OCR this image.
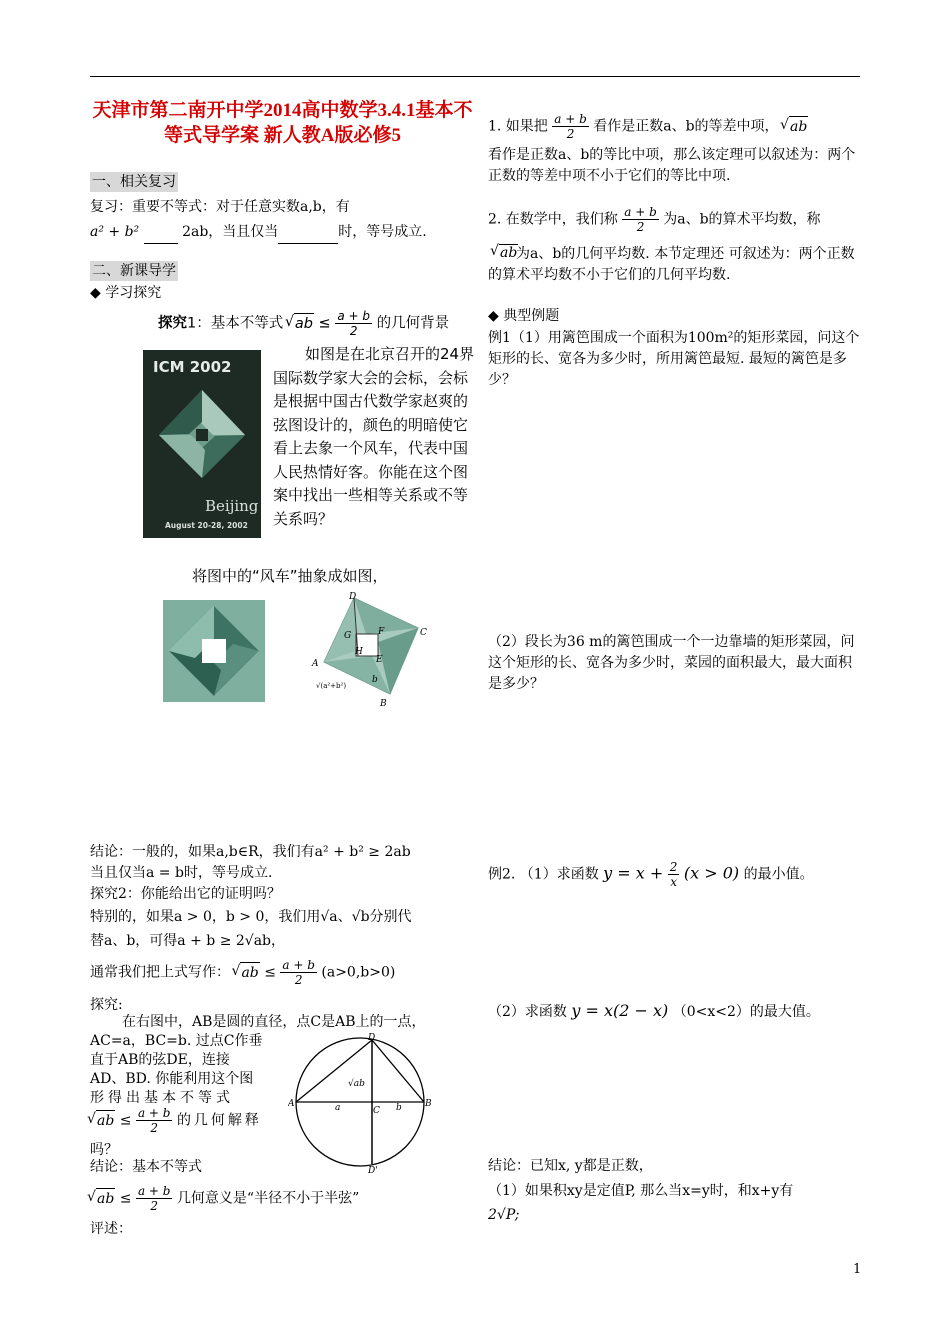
天津市第二南开中学2014高中数学3.4.1基本不等式导学案 新人教A版必修5
一、相关复习

复习：重要不等式：对于任意实数a,b，有

a² + b²	2ab，当且仅当	时，等号成立.

二、新课导学

◆ 学习探究

探究1：基本不等式 √ ab ≤ $\frac{a + b}{2}$ 的几何背景

ICM 2002
Beijing
August 20-28, 2002

如图是在北京召开的24界国际数学家大会的会标，会标是根据中国古代数学家赵爽的弦图设计的，颜色的明暗使它看上去象一个风车，代表中国人民热情好客。你能在这个图案中找出一些相等关系或不等关系吗？

将图中的“风车”抽象成如图，

D
G	F	C
A
H
E
b
B
√(a²+b²)

结论：一般的，如果a,b∈R，我们有a² + b² ≥ 2ab

当且仅当a = b时，等号成立.

探究2：你能给出它的证明吗？

特别的，如果a > 0，b > 0，我们用√a、√b分别代

替a、b，可得a + b ≥ 2√ab，

通常我们把上式写作： √ ab ≤ $\frac{a + b}{2} (a>0,b>0)$

探究:

在右图中，AB是圆的直径，点C是AB上的一点，

AC=a，BC=b. 过点C作垂

直于AB的弦DE，连接

AD、BD. 你能利用这个图

形得出基本不等式

√ ab ≤ $\frac{a + b}{2}$ 的几何解释

吗？

D
A	B
C
a	b
D'
√ab

结论：基本不等式

√ ab ≤ $\frac{a + b}{2}$ 几何意义是“半径不小于半弦”

评述：

1. 如果把 $\frac{a + b}{2}$ 看作是正数a、b的等差中项， √ ab

看作是正数a、b的等比中项，那么该定理可以叙述为：两个正数的等差中项不小于它们的等比中项.

2. 在数学中，我们称 $\frac{a + b}{2}$ 为a、b的算术平均数，称

为a、b的几何平均数. 本节定理还 可叙述为：两个正数的算术平均数不小于它们的几何平均数.

√ ab

◆ 典型例题

例1（1）用篱笆围成一个面积为100m²的矩形菜园，问这个矩形的长、宽各为多少时，所用篱笆最短. 最短的篱笆是多少？

（2）段长为36 m的篱笆围成一个一边靠墙的矩形菜园，问这个矩形的长、宽各为多少时，菜园的面积最大，最大面积是多少？

例2. （1）求函数 $y = x + \frac{2}{x} (x > 0)$ 的最小值。

（2）求函数 y = x(2 − x) （0<x<2）的最大值。

结论：已知x, y都是正数，

（1）如果积xy是定值P, 那么当x=y时，和x+y有

2√P;

1
